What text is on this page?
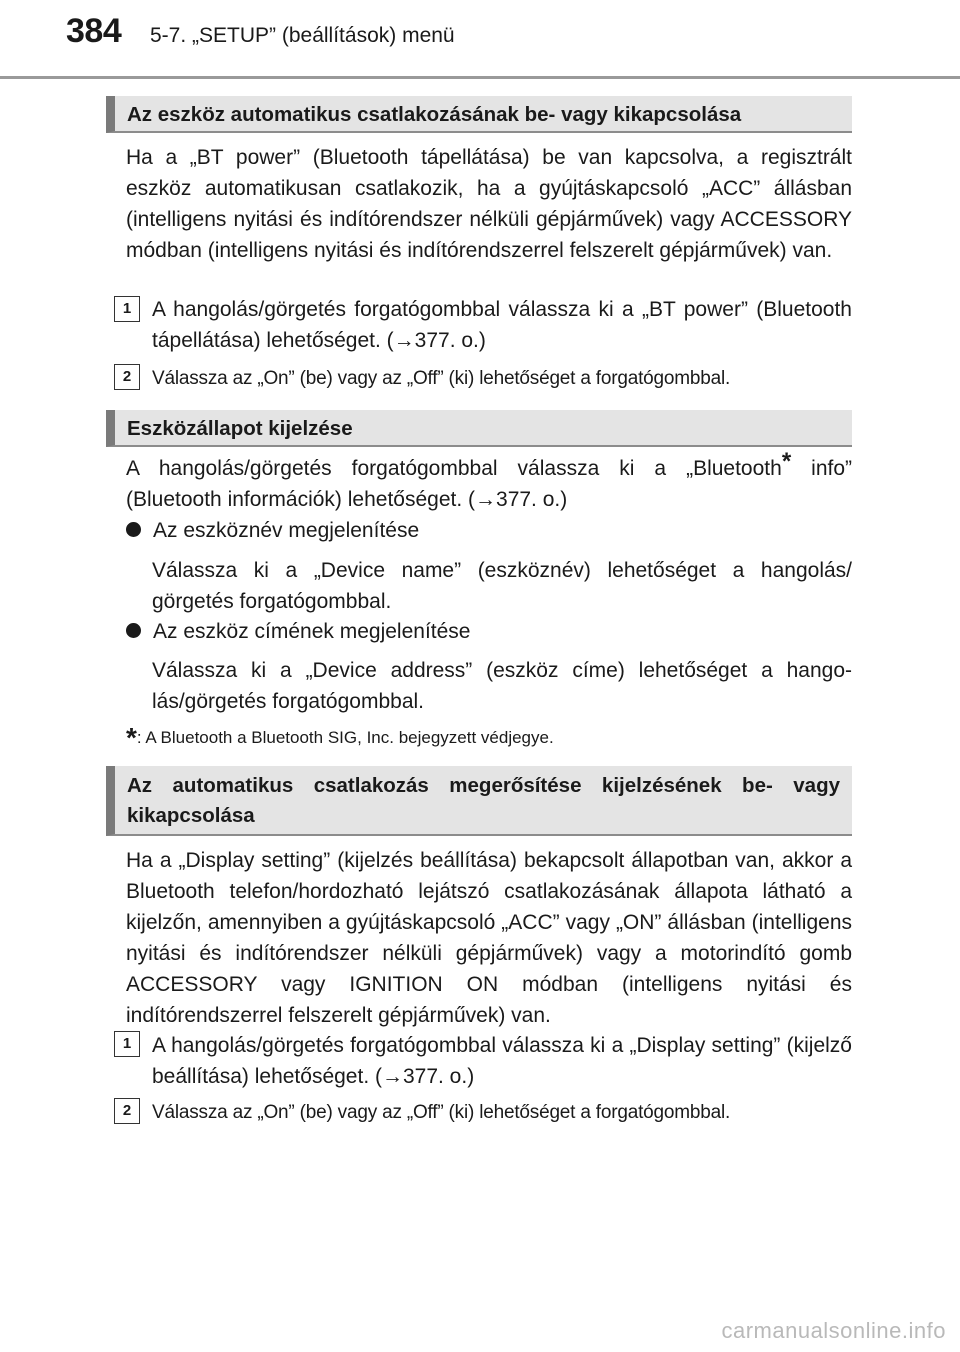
384 5-7. „SETUP” (beállítások) menü
Az eszköz automatikus csatlakozásának be- vagy kikapcsolása
Ha a „BT power” (Bluetooth tápellátása) be van kapcsolva, a regisztrált eszköz automatikusan csatlakozik, ha a gyújtáskapcsoló „ACC” állásban (intelligens nyitási és indítórendszer nélküli gépjárművek) vagy ACCESSORY módban (intelligens nyitási és indítórendszerrel felszerelt gépjárművek) van.
1 A hangolás/görgetés forgatógombbal válassza ki a „BT power” (Bluetooth tápellátása) lehetőséget. (→377. o.)
2	Válassza az „On” (be) vagy az „Off” (ki) lehetőséget a forgatógombbal.
Eszközállapot kijelzése
A hangolás/görgetés forgatógombbal válassza ki a „Bluetooth* info” (Bluetooth információk) lehetőséget. (→377. o.)
Az eszköznév megjelenítése
Válassza ki a „Device name” (eszköznév) lehetőséget a hangolás/ görgetés forgatógombbal.
Az eszköz címének megjelenítése
Válassza ki a „Device address” (eszköz címe) lehetőséget a hangolás/görgetés forgatógombbal.
*: A Bluetooth a Bluetooth SIG, Inc. bejegyzett védjegye.
Az automatikus csatlakozás megerősítése kijelzésének be- vagy kikapcsolása
Ha a „Display setting” (kijelzés beállítása) bekapcsolt állapotban van, akkor a Bluetooth telefon/hordozható lejátszó csatlakozásának állapota látható a kijelzőn, amennyiben a gyújtáskapcsoló „ACC” vagy „ON” állásban (intelligens nyitási és indítórendszer nélküli gépjárművek) vagy a motorindító gomb ACCESSORY vagy IGNITION ON módban (intelligens nyitási és indítórendszerrel felszerelt gépjárművek) van.
1 A hangolás/görgetés forgatógombbal válassza ki a „Display setting” (kijelző beállítása) lehetőséget. (→377. o.)
2	Válassza az „On” (be) vagy az „Off” (ki) lehetőséget a forgatógombbal.
carmanualsonline.info
